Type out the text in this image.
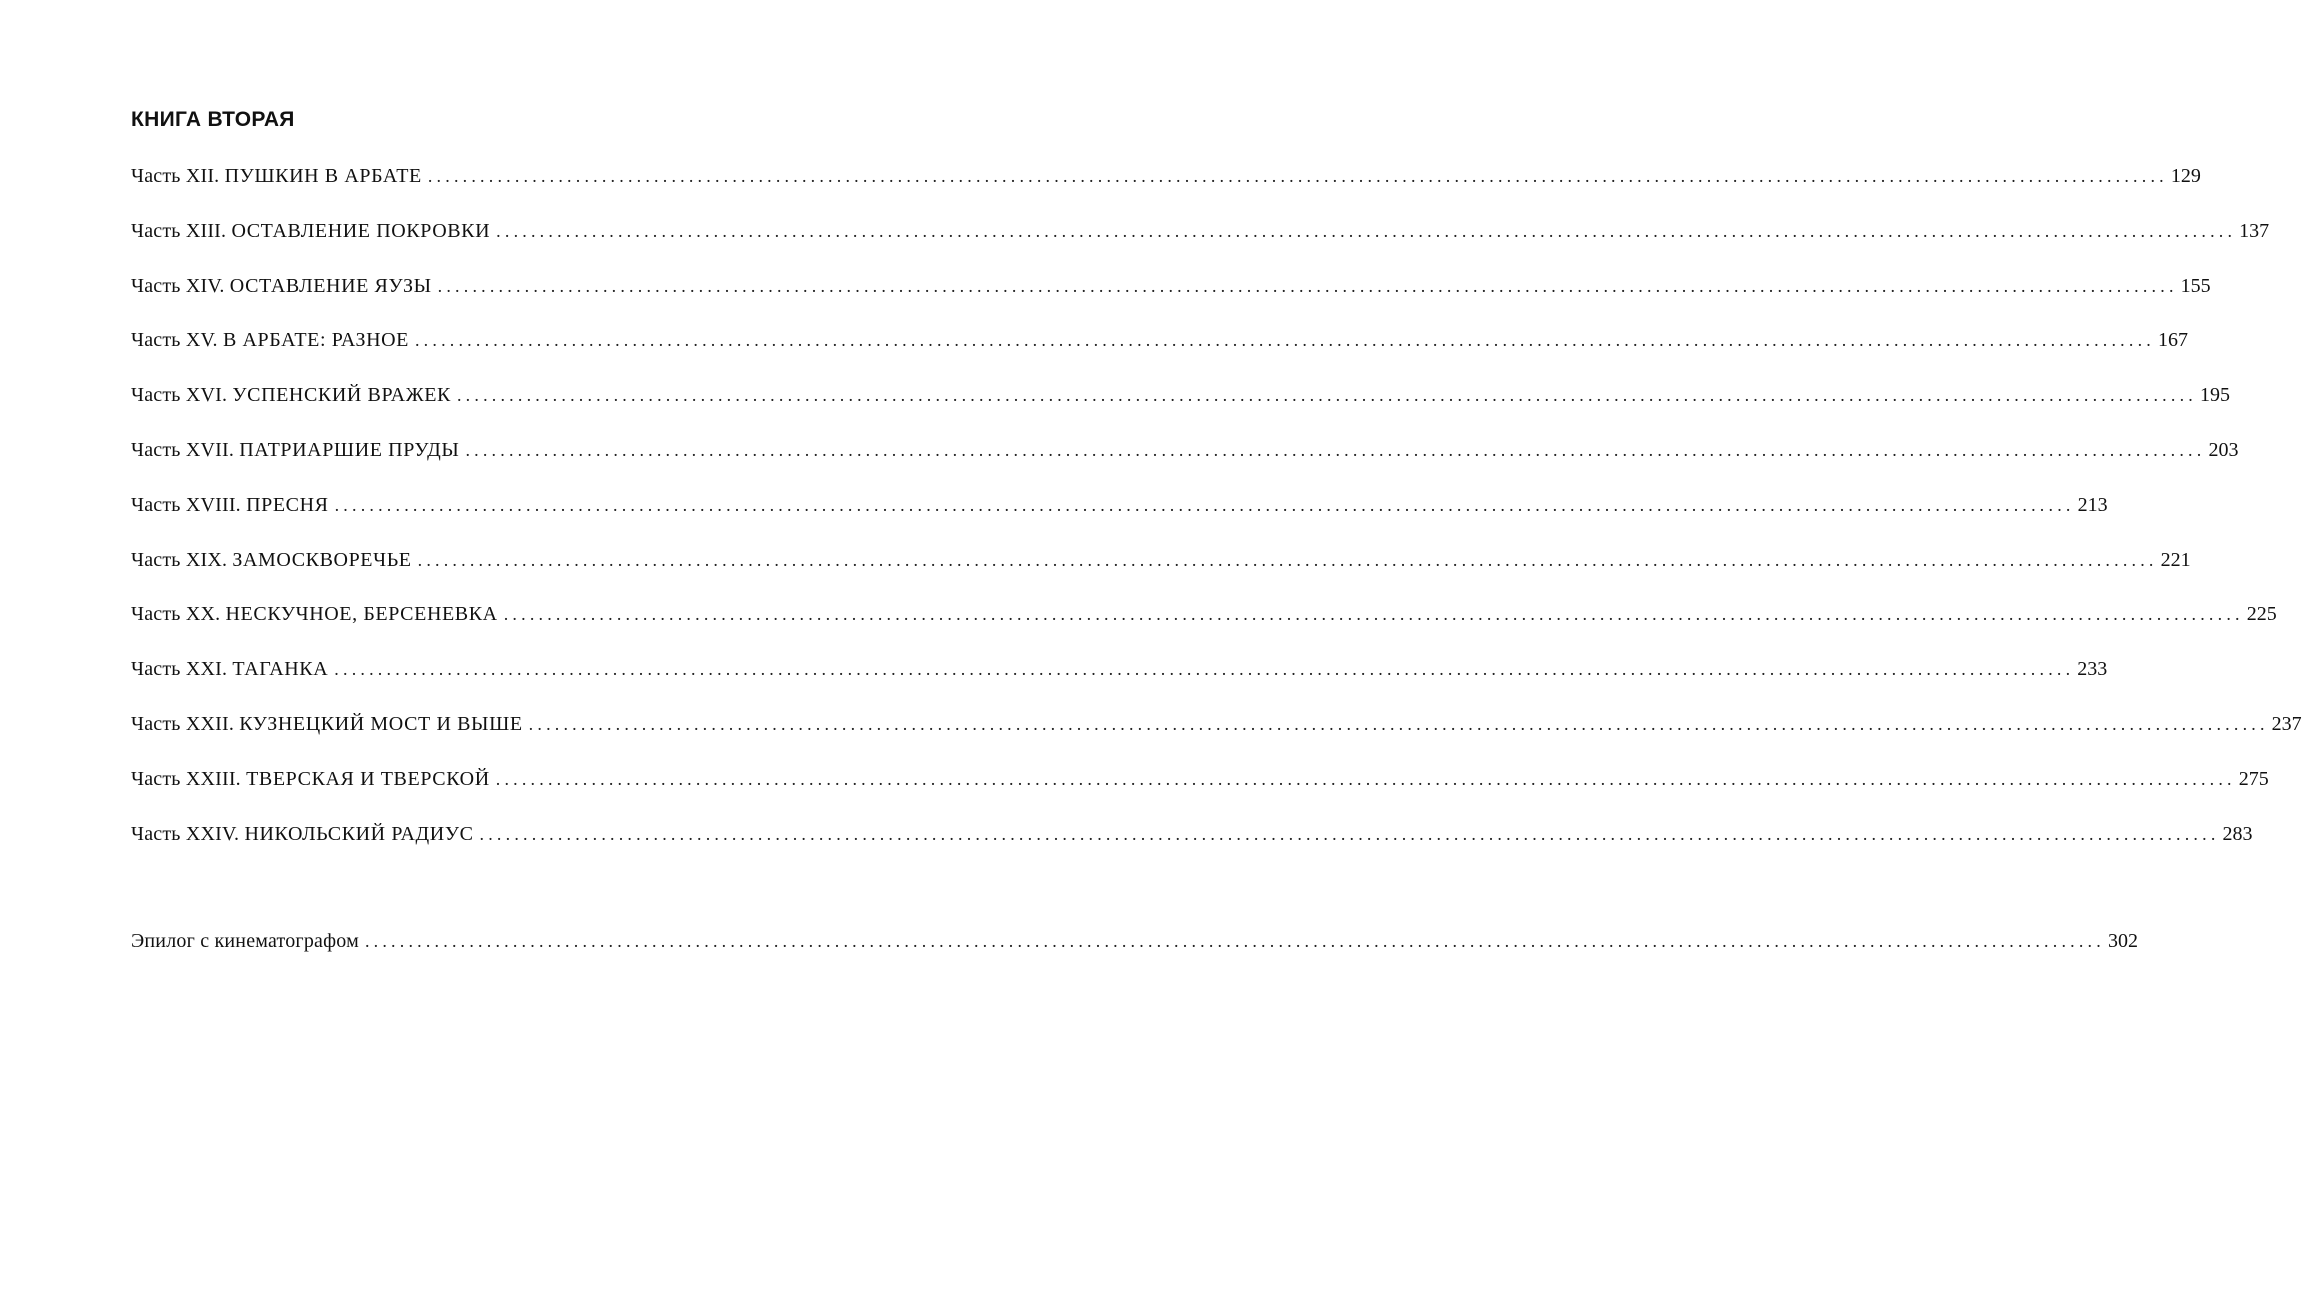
КНИГА ВТОРАЯ
Часть XII. ПУШКИН В АРБАТЕ ........................................................................................................................................................................................................ 129
Часть XIII. ОСТАВЛЕНИЕ ПОКРОВКИ ........................................................................................................................................................................................................ 137
Часть XIV. ОСТАВЛЕНИЕ ЯУЗЫ ........................................................................................................................................................................................................ 155
Часть XV. В АРБАТЕ: РАЗНОЕ ........................................................................................................................................................................................................ 167
Часть XVI. УСПЕНСКИЙ ВРАЖЕК ........................................................................................................................................................................................................ 195
Часть XVII. ПАТРИАРШИЕ ПРУДЫ ........................................................................................................................................................................................................ 203
Часть XVIII. ПРЕСНЯ ........................................................................................................................................................................................................ 213
Часть XIX. ЗАМОСКВОРЕЧЬЕ ........................................................................................................................................................................................................ 221
Часть XX. НЕСКУЧНОЕ, БЕРСЕНЕВКА ........................................................................................................................................................................................................ 225
Часть XXI. ТАГАНКА ........................................................................................................................................................................................................ 233
Часть XXII. КУЗНЕЦКИЙ МОСТ И ВЫШЕ ........................................................................................................................................................................................................ 237
Часть XXIII. ТВЕРСКАЯ И ТВЕРСКОЙ ........................................................................................................................................................................................................ 275
Часть XXIV. НИКОЛЬСКИЙ РАДИУС ........................................................................................................................................................................................................ 283
Эпилог с кинематографом ........................................................................................................................................................................................................ 302
